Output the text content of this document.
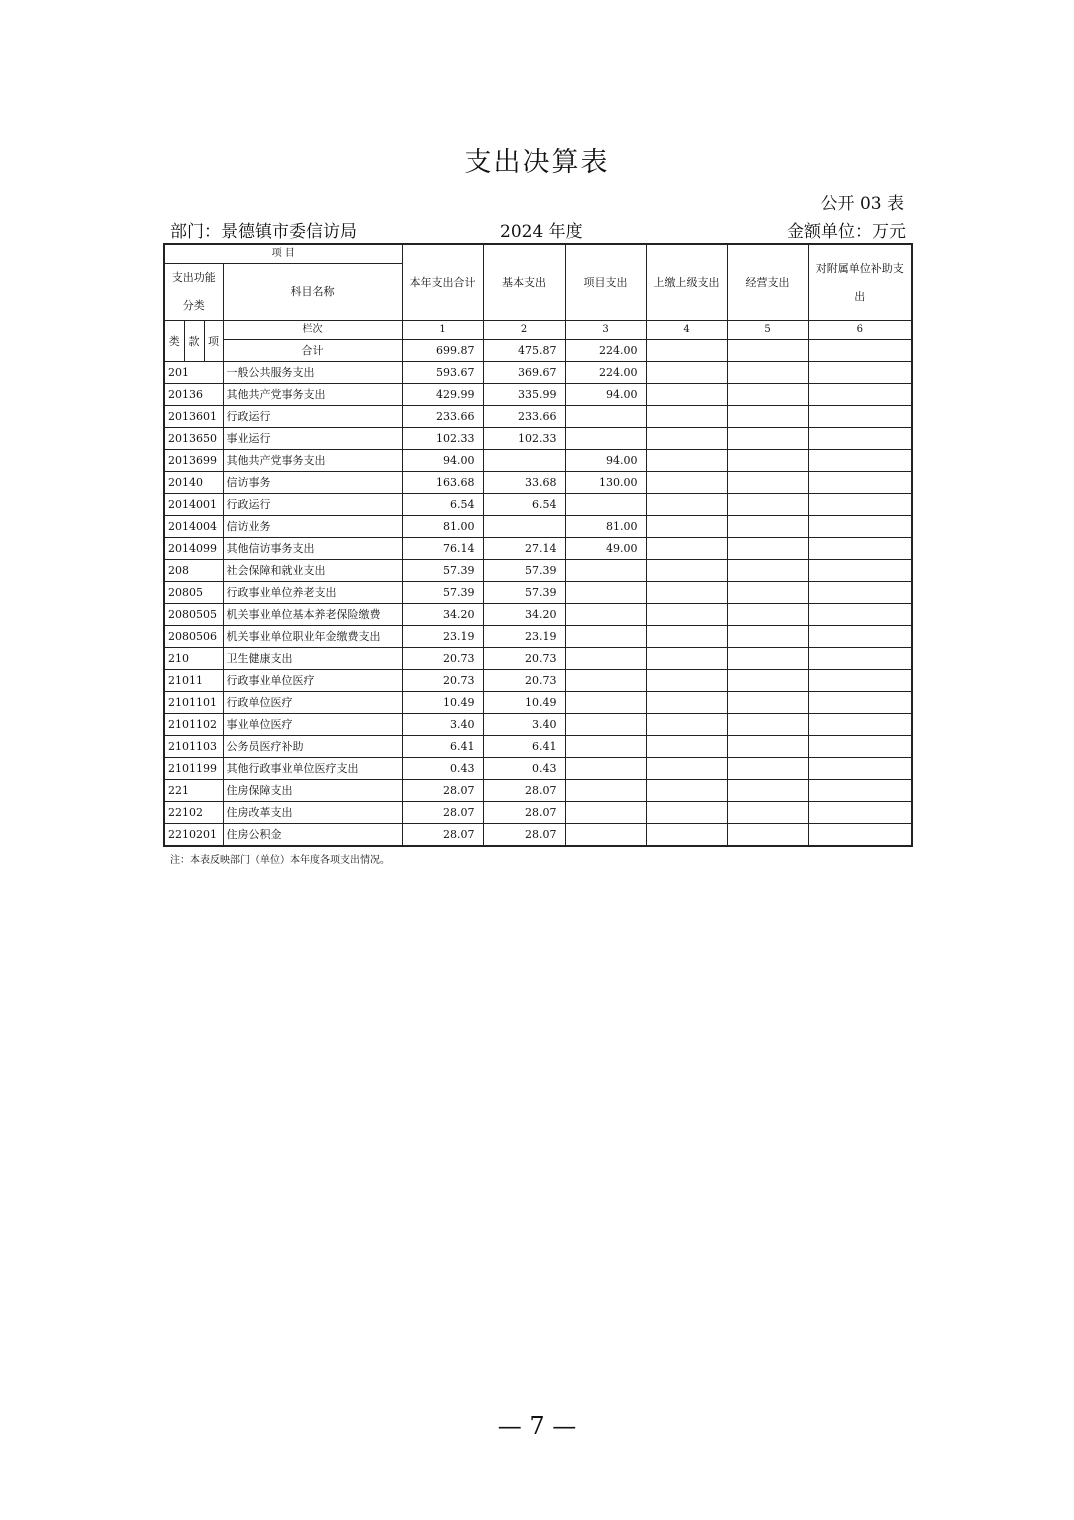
支出决算表
公开 03 表
部门：景德镇市委信访局	2024 年度	金额单位：万元
项 目				本年支出合计	基本支出	项目支出	上缴上级支出	经营支出	对附属单位补助支出
支出功能分类			科目名称						
类	款	项	栏次	1	2	3	4	5	6
			合计	699.87	475.87	224.00			
201			一般公共服务支出	593.67	369.67	224.00			
20136			其他共产党事务支出	429.99	335.99	94.00			
2013601			行政运行	233.66	233.66				
2013650			事业运行	102.33	102.33				
2013699			其他共产党事务支出	94.00		94.00			
20140			信访事务	163.68	33.68	130.00			
2014001			行政运行	6.54	6.54				
2014004			信访业务	81.00		81.00			
2014099			其他信访事务支出	76.14	27.14	49.00			
208			社会保障和就业支出	57.39	57.39				
20805			行政事业单位养老支出	57.39	57.39				
2080505			机关事业单位基本养老保险缴费	34.20	34.20				
2080506			机关事业单位职业年金缴费支出	23.19	23.19				
210			卫生健康支出	20.73	20.73				
21011			行政事业单位医疗	20.73	20.73				
2101101			行政单位医疗	10.49	10.49				
2101102			事业单位医疗	3.40	3.40				
2101103			公务员医疗补助	6.41	6.41				
2101199			其他行政事业单位医疗支出	0.43	0.43				
221			住房保障支出	28.07	28.07				
22102			住房改革支出	28.07	28.07				
2210201			住房公积金	28.07	28.07				
注：本表反映部门（单位）本年度各项支出情况。
— 7 —
